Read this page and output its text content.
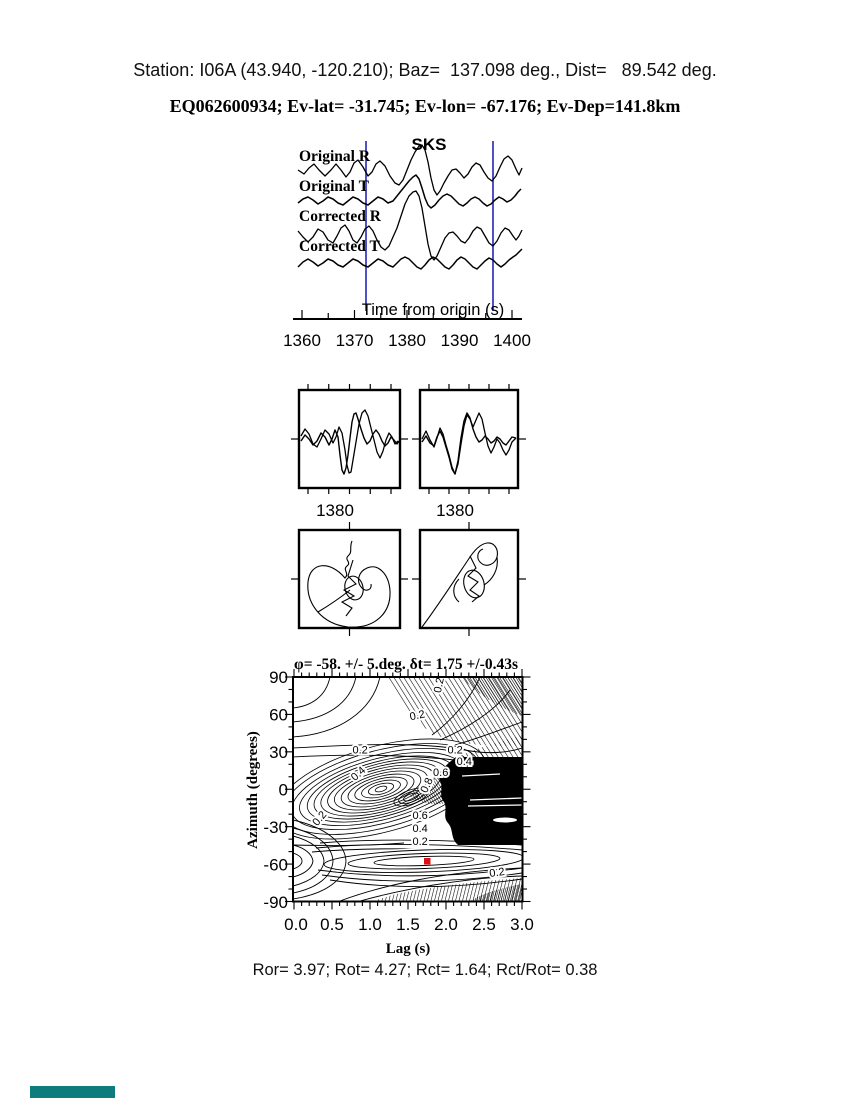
Station: I06A (43.940, -120.210); Baz=  137.098 deg., Dist=   89.542 deg.
EQ062600934; Ev-lat= -31.745; Ev-lon= -67.176; Ev-Dep=141.8km
SKS
Original R
Original T
Corrected R
Corrected T
Time from origin (s)
1360 1370 1380 1390 1400
1380	1380
φ= -58. +/- 5.deg. δt= 1.75 +/-0.43s
Azimuth (degrees)
0.2
0.2
0.2	0.2
0.4
0.6
0.4
0.8
0.6
0.4
0.2
0.2
0.2
90
60
30
0
-30
-60
-90
0.0 0.5 1.0 1.5 2.0 2.5 3.0
Lag (s)
Ror= 3.97; Rot= 4.27; Rct= 1.64; Rct/Rot= 0.38
